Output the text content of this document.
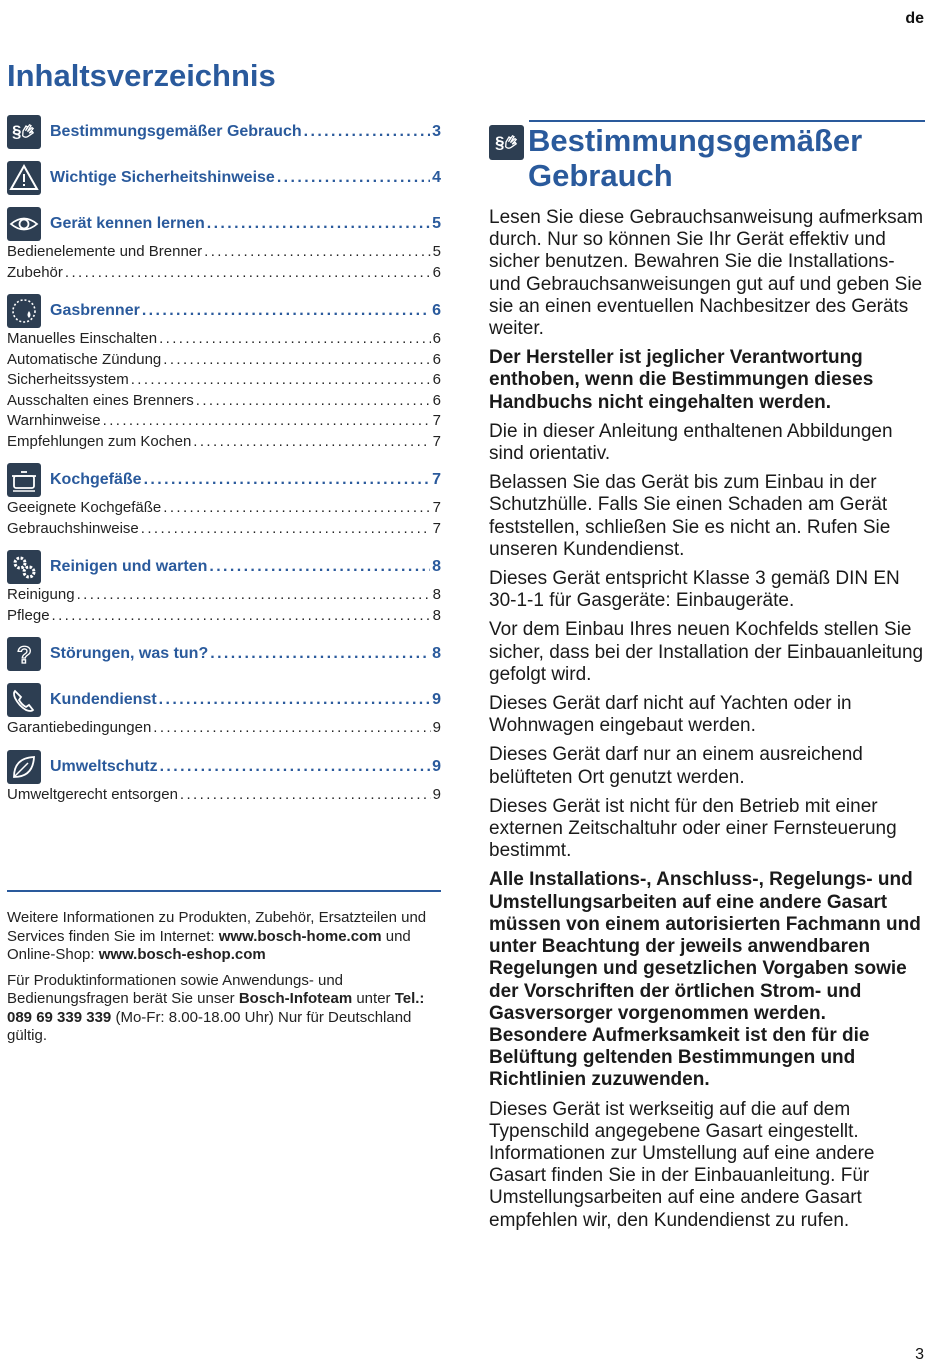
de
Inhaltsverzeichnis
§ Bestimmungsgemäßer Gebrauch .....	3
Wichtige Sicherheitshinweise .....	4
Gerät kennen lernen .....	5
Bedienelemente und Brenner .....	5
Zubehör .....	6
Gasbrenner .....	6
Manuelles Einschalten .....	6
Automatische Zündung .....	6
Sicherheitssystem .....	6
Ausschalten eines Brenners .....	6
Warnhinweise .....	7
Empfehlungen zum Kochen .....	7
Kochgefäße .....	7
Geeignete Kochgefäße .....	7
Gebrauchshinweise .....	7
Reinigen und warten .....	8
Reinigung .....	8
Pflege .....	8
? Störungen, was tun? .....	8
Kundendienst .....	9
Garantiebedingungen .....	9
Umweltschutz .....	9
Umweltgerecht entsorgen .....	9

Weitere Informationen zu Produkten, Zubehör, Ersatzteilen und Services finden Sie im Internet: www.bosch-home.com und Online-Shop: www.bosch-eshop.com

Für Produktinformationen sowie Anwendungs- und Bedienungsfragen berät Sie unser Bosch-Infoteam unter Tel.: 089 69 339 339 (Mo-Fr: 8.00-18.00 Uhr) Nur für Deutschland gültig.

§ Bestimmungsgemäßer Gebrauch

Lesen Sie diese Gebrauchsanweisung aufmerksam durch. Nur so können Sie Ihr Gerät effektiv und sicher benutzen. Bewahren Sie die Installations- und Gebrauchsanweisungen gut auf und geben Sie sie an einen eventuellen Nachbesitzer des Geräts weiter.

Der Hersteller ist jeglicher Verantwortung enthoben, wenn die Bestimmungen dieses Handbuchs nicht eingehalten werden.

Die in dieser Anleitung enthaltenen Abbildungen sind orientativ.

Belassen Sie das Gerät bis zum Einbau in der Schutzhülle. Falls Sie einen Schaden am Gerät feststellen, schließen Sie es nicht an. Rufen Sie unseren Kundendienst.

Dieses Gerät entspricht Klasse 3 gemäß DIN EN 30-1-1 für Gasgeräte: Einbaugeräte.

Vor dem Einbau Ihres neuen Kochfelds stellen Sie sicher, dass bei der Installation der Einbauanleitung gefolgt wird.

Dieses Gerät darf nicht auf Yachten oder in Wohnwagen eingebaut werden.

Dieses Gerät darf nur an einem ausreichend belüfteten Ort genutzt werden.

Dieses Gerät ist nicht für den Betrieb mit einer externen Zeitschaltuhr oder einer Fernsteuerung bestimmt.

Alle Installations-, Anschluss-, Regelungs- und Umstellungsarbeiten auf eine andere Gasart müssen von einem autorisierten Fachmann und unter Beachtung der jeweils anwendbaren Regelungen und gesetzlichen Vorgaben sowie der Vorschriften der örtlichen Strom- und Gasversorger vorgenommen werden. Besondere Aufmerksamkeit ist den für die Belüftung geltenden Bestimmungen und Richtlinien zuzuwenden.

Dieses Gerät ist werkseitig auf die auf dem Typenschild angegebene Gasart eingestellt. Informationen zur Umstellung auf eine andere Gasart finden Sie in der Einbauanleitung. Für Umstellungsarbeiten auf eine andere Gasart empfehlen wir, den Kundendienst zu rufen.

3
